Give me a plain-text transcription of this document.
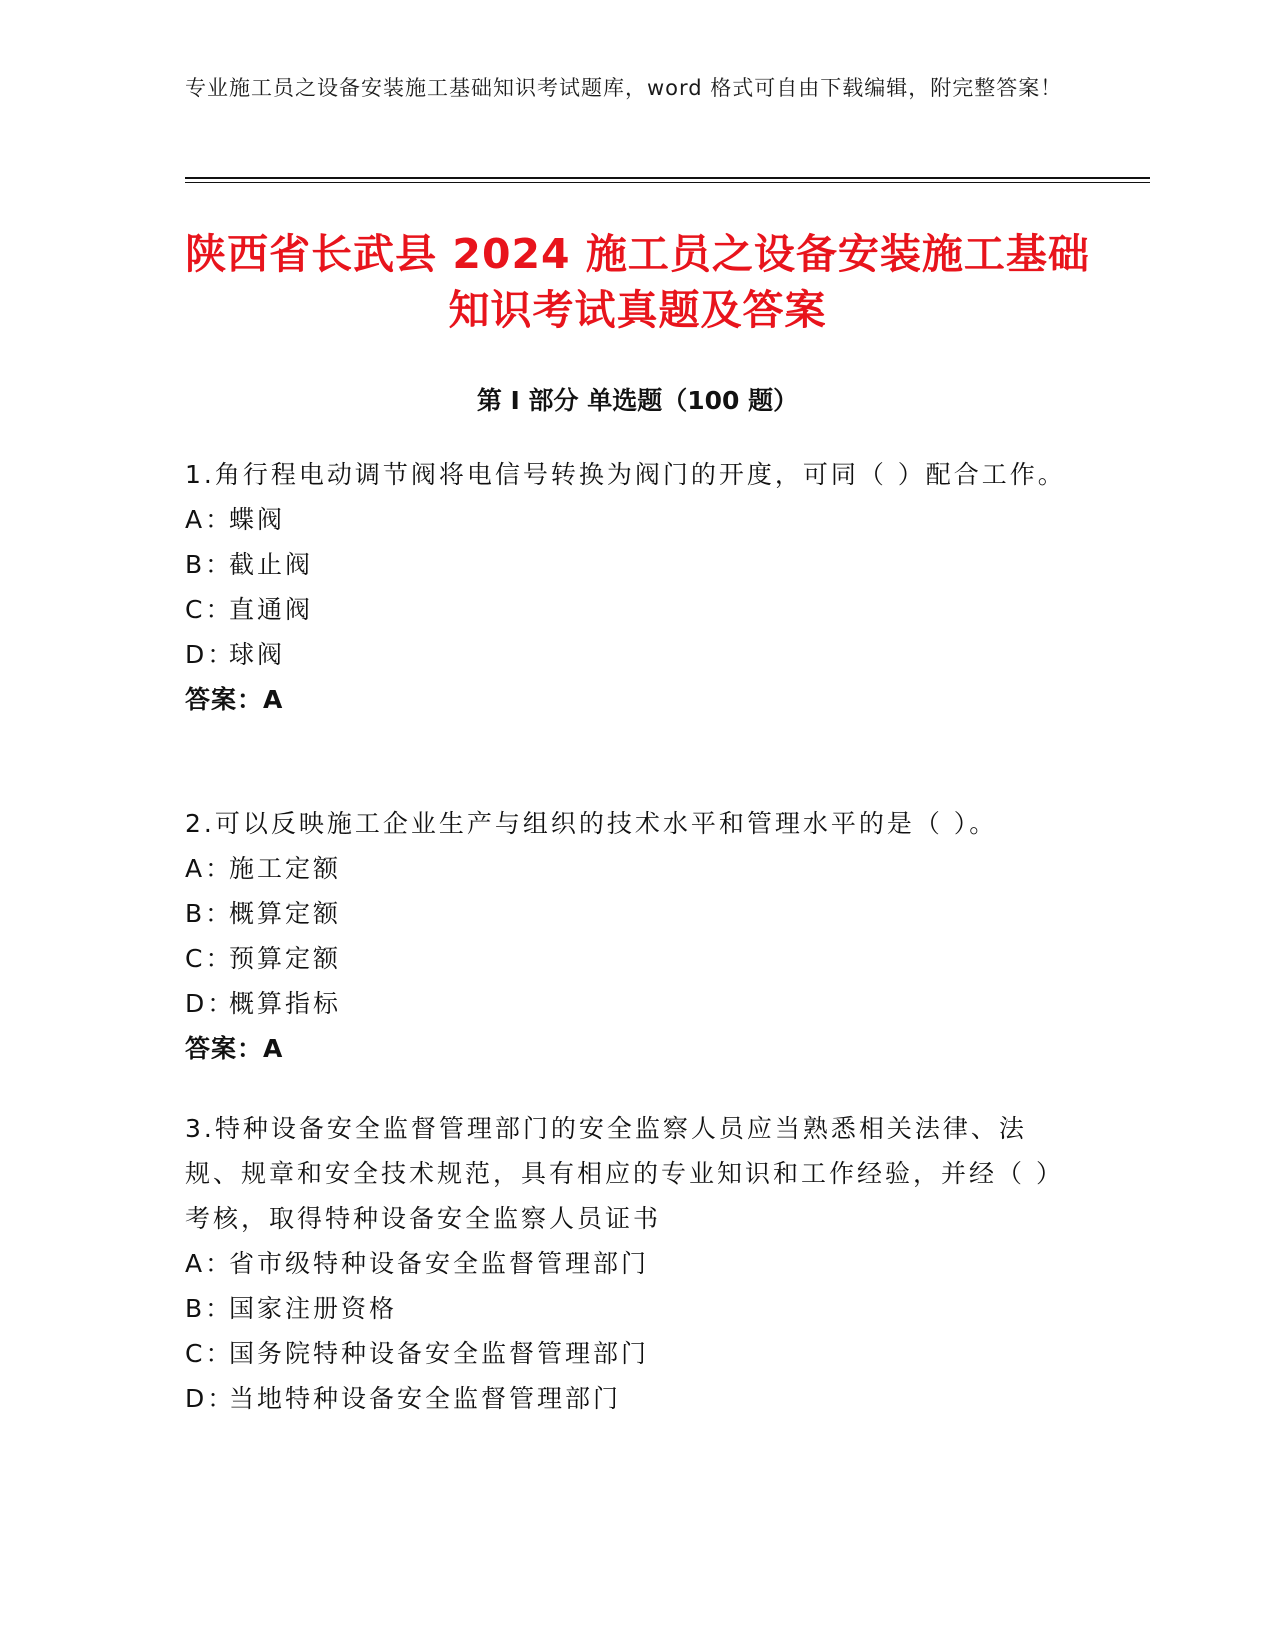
专业施工员之设备安装施工基础知识考试题库，word 格式可自由下载编辑，附完整答案！
陕西省长武县 2024 施工员之设备安装施工基础知识考试真题及答案
第 I 部分 单选题（100 题）

1.角行程电动调节阀将电信号转换为阀门的开度，可同（ ）配合工作。

A：
蝶阀

B：
截止阀

C：
直通阀

D：
球阀

答案：A

2.可以反映施工企业生产与组织的技术水平和管理水平的是（ ）。

A：
施工定额

B：
概算定额

C：
预算定额

D：
概算指标

答案：A

3.特种设备安全监督管理部门的安全监察人员应当熟悉相关法律、法规、规章和安全技术规范，具有相应的专业知识和工作经验，并经（ ）考核，取得特种设备安全监察人员证书

A：
省市级特种设备安全监督管理部门

B：
国家注册资格

C：
国务院特种设备安全监督管理部门

D：
当地特种设备安全监督管理部门
